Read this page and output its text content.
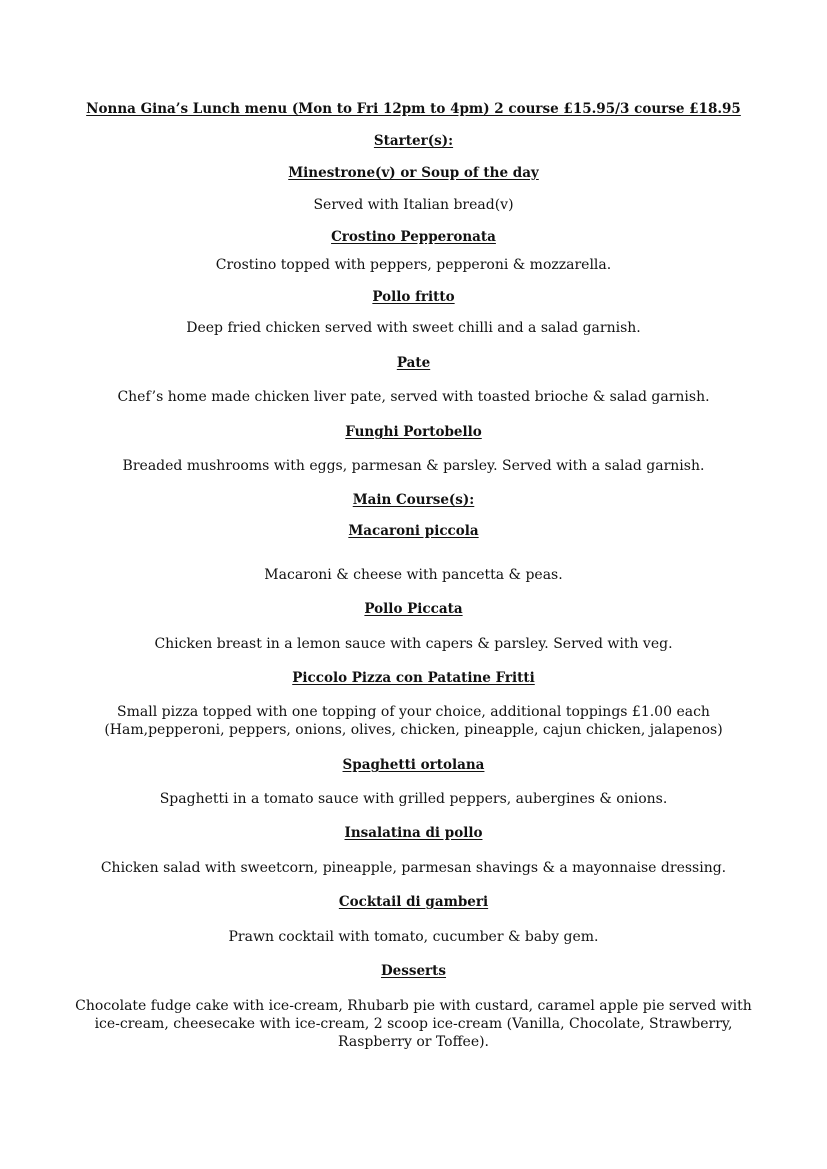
Nonna Gina’s Lunch menu (Mon to Fri 12pm to 4pm) 2 course £15.95/3 course £18.95
Starter(s):
Minestrone(v) or Soup of the day
Served with Italian bread(v)
Crostino Pepperonata
Crostino topped with peppers, pepperoni & mozzarella.
Pollo fritto
Deep fried chicken served with sweet chilli and a salad garnish.
Pate
Chef’s home made chicken liver pate, served with toasted brioche & salad garnish.
Funghi Portobello
Breaded mushrooms with eggs, parmesan & parsley. Served with a salad garnish.
Main Course(s):
Macaroni piccola
Macaroni & cheese with pancetta & peas.
Pollo Piccata
Chicken breast in a lemon sauce with capers & parsley. Served with veg.
Piccolo Pizza con Patatine Fritti
Small pizza topped with one topping of your choice, additional toppings £1.00 each
(Ham,pepperoni, peppers, onions, olives, chicken, pineapple, cajun chicken, jalapenos)
Spaghetti ortolana
Spaghetti in a tomato sauce with grilled peppers, aubergines & onions.
Insalatina di pollo
Chicken salad with sweetcorn, pineapple, parmesan shavings & a mayonnaise dressing.
Cocktail di gamberi
Prawn cocktail with tomato, cucumber & baby gem.
Desserts
Chocolate fudge cake with ice-cream, Rhubarb pie with custard, caramel apple pie served with
ice-cream, cheesecake with ice-cream, 2 scoop ice-cream (Vanilla, Chocolate, Strawberry,
Raspberry or Toffee).
